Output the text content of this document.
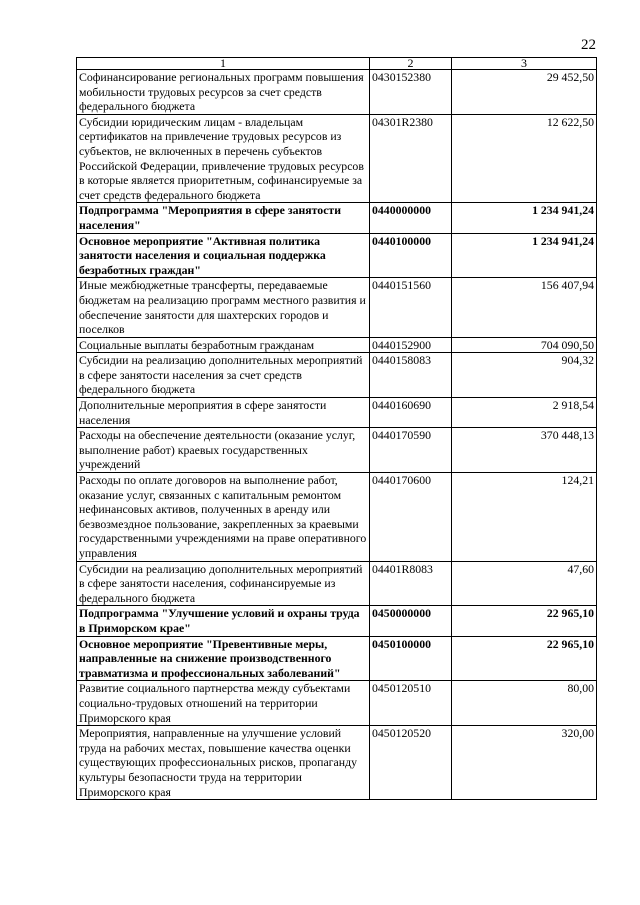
22
1	2	3
Софинансирование региональных программ повышения мобильности трудовых ресурсов за счет средств федерального бюджета	0430152380	29 452,50
Субсидии юридическим лицам - владельцам сертификатов на привлечение трудовых ресурсов из субъектов, не включенных в перечень субъектов Российской Федерации, привлечение трудовых ресурсов в которые является приоритетным, софинансируемые за счет средств федерального бюджета	04301R2380	12 622,50
Подпрограмма "Мероприятия в сфере занятости населения"	0440000000	1 234 941,24
Основное мероприятие "Активная политика занятости населения и социальная поддержка безработных граждан"	0440100000	1 234 941,24
Иные межбюджетные трансферты, передаваемые бюджетам на реализацию программ местного развития и обеспечение занятости для шахтерских городов и поселков	0440151560	156 407,94
Социальные выплаты безработным гражданам	0440152900	704 090,50
Субсидии на реализацию дополнительных мероприятий в сфере занятости населения за счет средств федерального бюджета	0440158083	904,32
Дополнительные мероприятия в сфере занятости населения	0440160690	2 918,54
Расходы на обеспечение деятельности (оказание услуг, выполнение работ) краевых государственных учреждений	0440170590	370 448,13
Расходы по оплате договоров на выполнение работ, оказание услуг, связанных с капитальным ремонтом нефинансовых активов, полученных в аренду или безвозмездное пользование, закрепленных за краевыми государственными учреждениями на праве оперативного управления	0440170600	124,21
Субсидии на реализацию дополнительных мероприятий в сфере занятости населения, софинансируемые из федерального бюджета	04401R8083	47,60
Подпрограмма "Улучшение условий и охраны труда в Приморском крае"	0450000000	22 965,10
Основное мероприятие "Превентивные меры, направленные на снижение производственного травматизма и профессиональных заболеваний"	0450100000	22 965,10
Развитие социального партнерства между субъектами социально-трудовых отношений на территории Приморского края	0450120510	80,00
Мероприятия, направленные на улучшение условий труда на рабочих местах, повышение качества оценки существующих профессиональных рисков, пропаганду культуры безопасности труда на территории Приморского края	0450120520	320,00
